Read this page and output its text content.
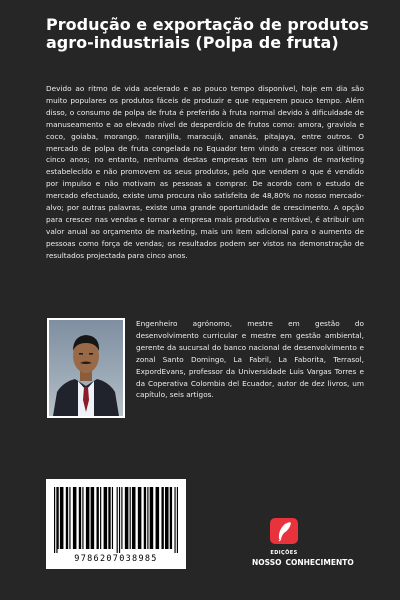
Produção e exportação de produtos agro-industriais (Polpa de fruta)

Devido ao ritmo de vida acelerado e ao pouco tempo disponível, hoje em dia são muito populares os produtos fáceis de produzir e que requerem pouco tempo. Além disso, o consumo de polpa de fruta é preferido à fruta normal devido à dificuldade de manuseamento e ao elevado nível de desperdício de frutos como: amora, graviola e coco, goiaba, morango, naranjilla, maracujá, ananás, pitajaya, entre outros. O mercado de polpa de fruta congelada no Equador tem vindo a crescer nos últimos cinco anos; no entanto, nenhuma destas empresas tem um plano de marketing estabelecido e não promovem os seus produtos, pelo que vendem o que é vendido por impulso e não motivam as pessoas a comprar. De acordo com o estudo de mercado efectuado, existe uma procura não satisfeita de 48,80% no nosso mercado-alvo; por outras palavras, existe uma grande oportunidade de crescimento. A opção para crescer nas vendas e tornar a empresa mais produtiva e rentável, é atribuir um valor anual ao orçamento de marketing, mais um item adicional para o aumento de pessoas como força de vendas; os resultados podem ser vistos na demonstração de resultados projectada para cinco anos.

Engenheiro agrónomo, mestre em gestão do desenvolvimento curricular e mestre em gestão ambiental, gerente da sucursal do banco nacional de desenvolvimento e zonal Santo Domingo, La Fabril, La Faborita, Terrasol, ExpordEvans, professor da Universidade Luis Vargas Torres e da Coperativa Colombia del Ecuador, autor de dez livros, um capítulo, seis artigos.

9786207038985
EDIÇÕES
NOSSO CONHECIMENTO
